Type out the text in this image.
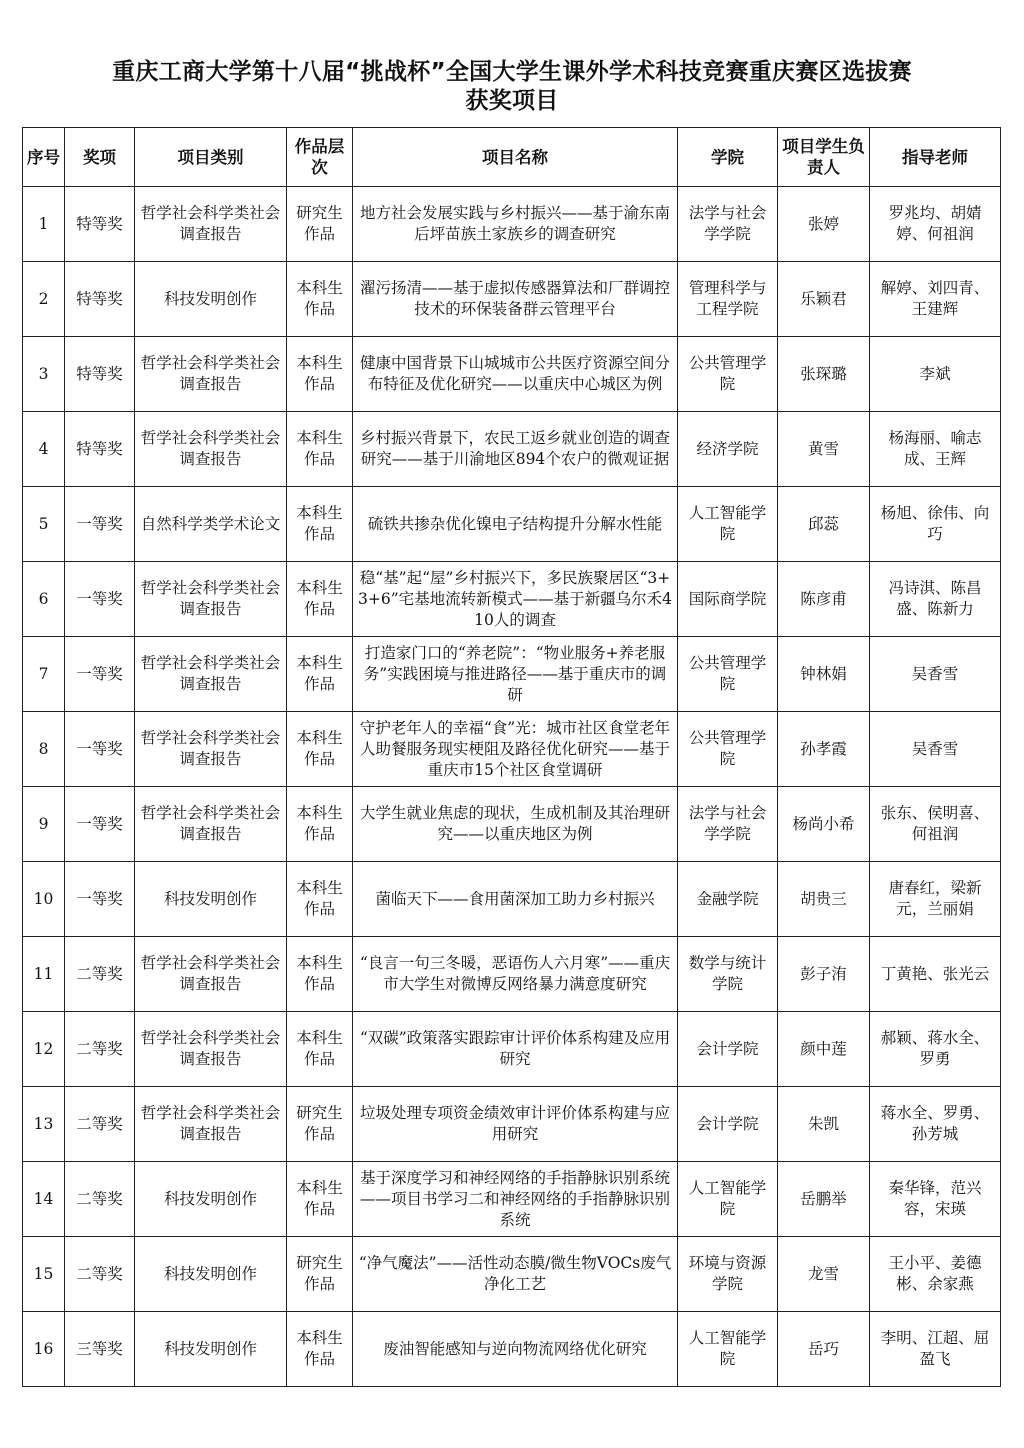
重庆工商大学第十八届“挑战杯”全国大学生课外学术科技竞赛重庆赛区选拔赛
获奖项目
序号	奖项	项目类别	作品层次	项目名称	学院	项目学生负责人	指导老师
1	特等奖	哲学社会科学类社会调查报告	研究生作品	地方社会发展实践与乡村振兴——基于渝东南后坪苗族土家族乡的调查研究	法学与社会学学院	张婷	罗兆均、胡婧婷、何祖润
2	特等奖	科技发明创作	本科生作品	濯污扬清——基于虚拟传感器算法和厂群调控技术的环保装备群云管理平台	管理科学与工程学院	乐颖君	解婷、刘四青、王建辉
3	特等奖	哲学社会科学类社会调查报告	本科生作品	健康中国背景下山城城市公共医疗资源空间分布特征及优化研究——以重庆中心城区为例	公共管理学院	张琛璐	李斌
4	特等奖	哲学社会科学类社会调查报告	本科生作品	乡村振兴背景下，农民工返乡就业创造的调查研究——基于川渝地区894个农户的微观证据	经济学院	黄雪	杨海丽、喻志成、王辉
5	一等奖	自然科学类学术论文	本科生作品	硫铁共掺杂优化镍电子结构提升分解水性能	人工智能学院	邱蕊	杨旭、徐伟、向巧
6	一等奖	哲学社会科学类社会调查报告	本科生作品	稳“基”起“屋”乡村振兴下，多民族聚居区“3+3+6”宅基地流转新模式——基于新疆乌尔禾410人的调查	国际商学院	陈彦甫	冯诗淇、陈昌盛、陈新力
7	一等奖	哲学社会科学类社会调查报告	本科生作品	打造家门口的“养老院”：“物业服务+养老服务”实践困境与推进路径——基于重庆市的调研	公共管理学院	钟林娟	吴香雪
8	一等奖	哲学社会科学类社会调查报告	本科生作品	守护老年人的幸福“食”光：城市社区食堂老年人助餐服务现实梗阻及路径优化研究——基于重庆市15个社区食堂调研	公共管理学院	孙孝霞	吴香雪
9	一等奖	哲学社会科学类社会调查报告	本科生作品	大学生就业焦虑的现状，生成机制及其治理研究——以重庆地区为例	法学与社会学学院	杨尚小希	张东、侯明喜、何祖润
10	一等奖	科技发明创作	本科生作品	菌临天下——食用菌深加工助力乡村振兴	金融学院	胡贵三	唐春红，梁新元，兰丽娟
11	二等奖	哲学社会科学类社会调查报告	本科生作品	“良言一句三冬暖，恶语伤人六月寒”——重庆市大学生对微博反网络暴力满意度研究	数学与统计学院	彭子洧	丁黄艳、张光云
12	二等奖	哲学社会科学类社会调查报告	本科生作品	“双碳”政策落实跟踪审计评价体系构建及应用研究	会计学院	颜中莲	郝颖、蒋水全、罗勇
13	二等奖	哲学社会科学类社会调查报告	研究生作品	垃圾处理专项资金绩效审计评价体系构建与应用研究	会计学院	朱凯	蒋水全、罗勇、孙芳城
14	二等奖	科技发明创作	本科生作品	基于深度学习和神经网络的手指静脉识别系统——项目书学习二和神经网络的手指静脉识别系统	人工智能学院	岳鹏举	秦华锋，范兴容，宋瑛
15	二等奖	科技发明创作	研究生作品	“净气魔法”——活性动态膜/微生物VOCs废气净化工艺	环境与资源学院	龙雪	王小平、姜德彬、余家燕
16	三等奖	科技发明创作	本科生作品	废油智能感知与逆向物流网络优化研究	人工智能学院	岳巧	李明、江超、屈盈飞
